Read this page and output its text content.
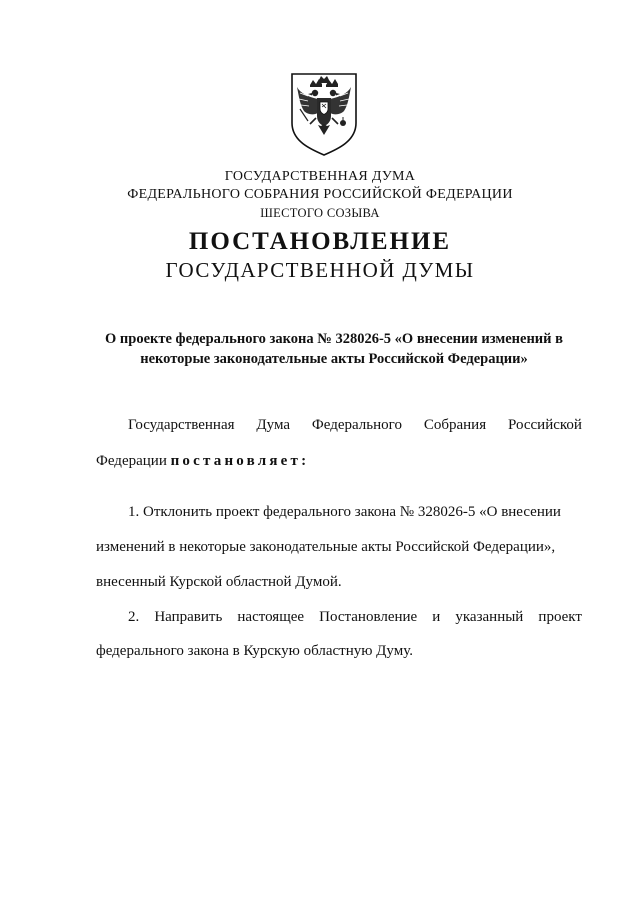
ГОСУДАРСТВЕННАЯ ДУМА
ФЕДЕРАЛЬНОГО СОБРАНИЯ РОССИЙСКОЙ ФЕДЕРАЦИИ
ШЕСТОГО СОЗЫВА
ПОСТАНОВЛЕНИЕ
ГОСУДАРСТВЕННОЙ ДУМЫ
О проекте федерального закона № 328026-5 «О внесении изменений в
некоторые законодательные акты Российской Федерации»
Государственная Дума Федерального Собрания Российской
Федерации постановляет:
1. Отклонить проект федерального закона № 328026-5 «О внесении
изменений в некоторые законодательные акты Российской Федерации»,
внесенный Курской областной Думой.
2. Направить настоящее Постановление и указанный проект
федерального закона в Курскую областную Думу.
